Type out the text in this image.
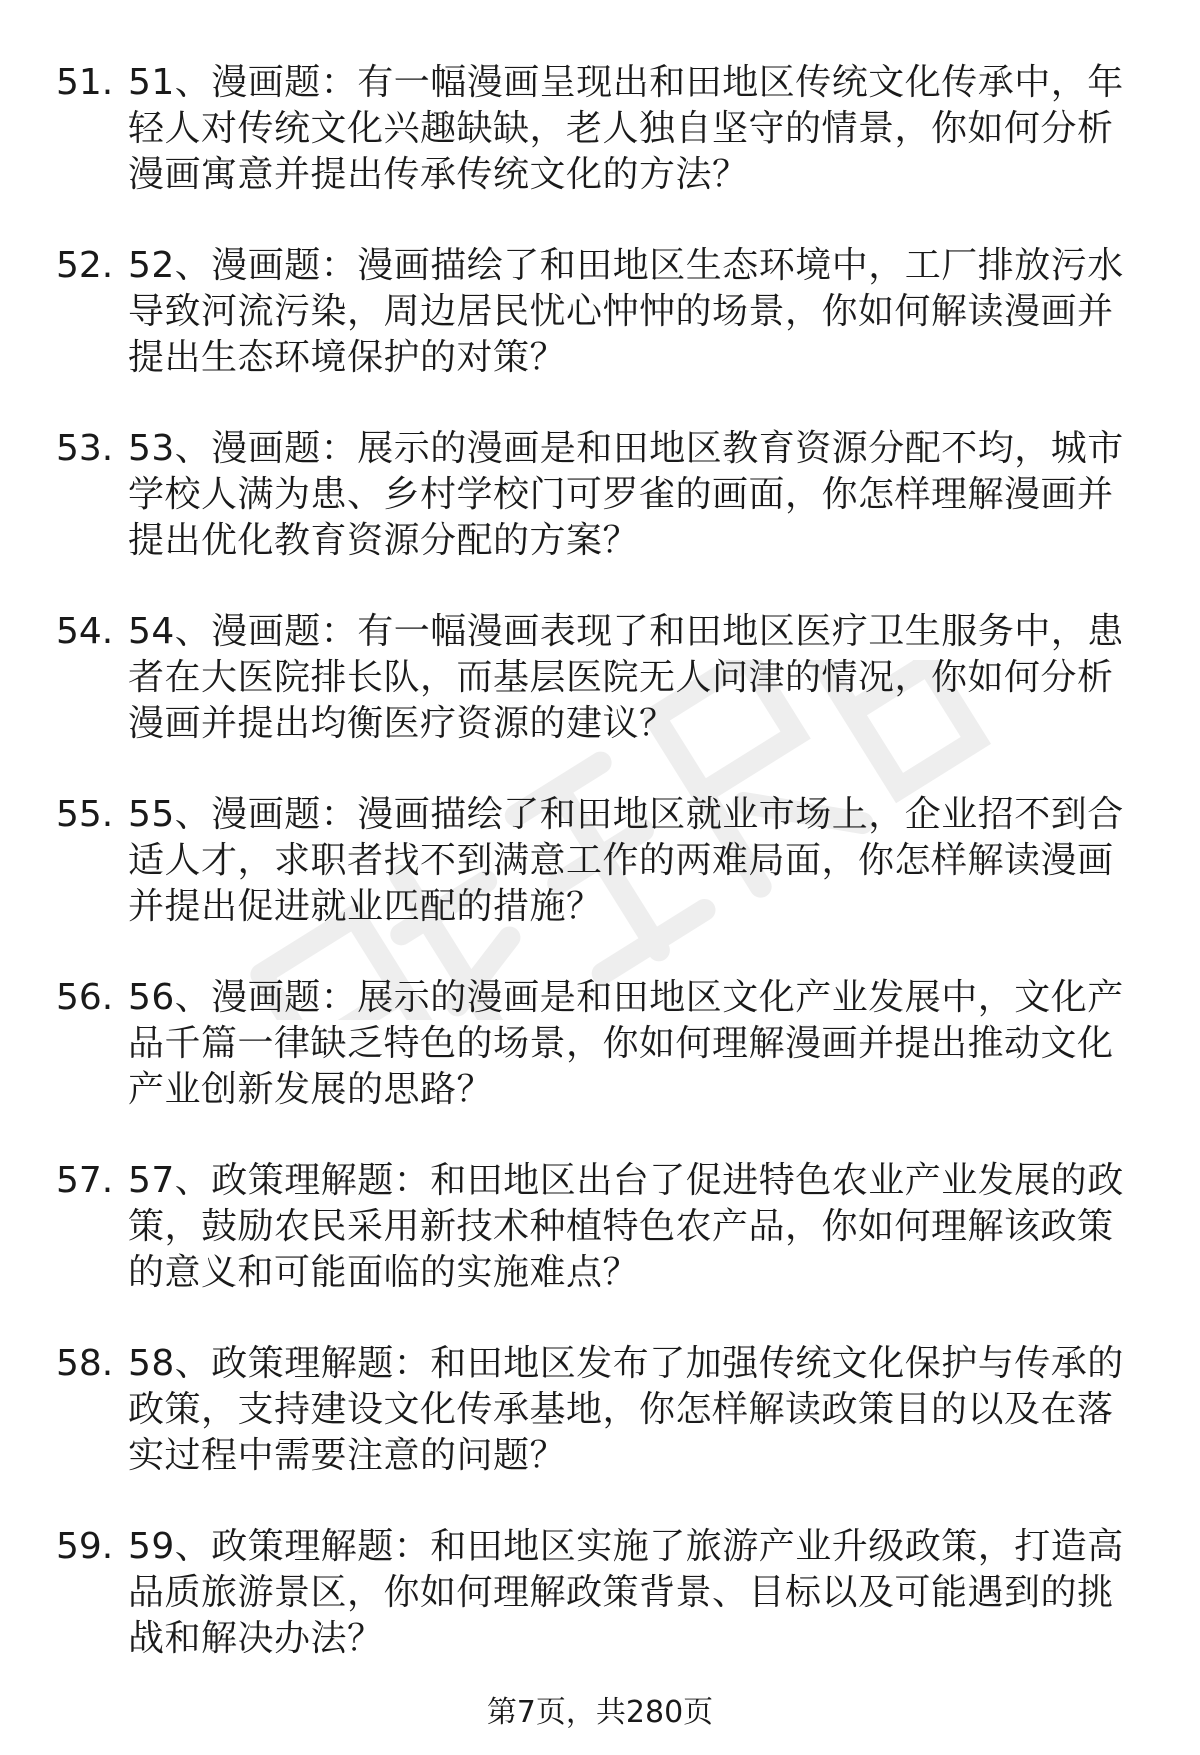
51. 51、漫画题：有一幅漫画呈现出和田地区传统文化传承中，年轻人对传统文化兴趣缺缺，老人独自坚守的情景，你如何分析漫画寓意并提出传承传统文化的方法？
52. 52、漫画题：漫画描绘了和田地区生态环境中，工厂排放污水导致河流污染，周边居民忧心忡忡的场景，你如何解读漫画并提出生态环境保护的对策？
53. 53、漫画题：展示的漫画是和田地区教育资源分配不均，城市学校人满为患、乡村学校门可罗雀的画面，你怎样理解漫画并提出优化教育资源分配的方案？
54. 54、漫画题：有一幅漫画表现了和田地区医疗卫生服务中，患者在大医院排长队，而基层医院无人问津的情况，你如何分析漫画并提出均衡医疗资源的建议？
55. 55、漫画题：漫画描绘了和田地区就业市场上，企业招不到合适人才，求职者找不到满意工作的两难局面，你怎样解读漫画并提出促进就业匹配的措施？
56. 56、漫画题：展示的漫画是和田地区文化产业发展中，文化产品千篇一律缺乏特色的场景，你如何理解漫画并提出推动文化产业创新发展的思路？
57. 57、政策理解题：和田地区出台了促进特色农业产业发展的政策，鼓励农民采用新技术种植特色农产品，你如何理解该政策的意义和可能面临的实施难点？
58. 58、政策理解题：和田地区发布了加强传统文化保护与传承的政策，支持建设文化传承基地，你怎样解读政策目的以及在落实过程中需要注意的问题？
59. 59、政策理解题：和田地区实施了旅游产业升级政策，打造高品质旅游景区，你如何理解政策背景、目标以及可能遇到的挑战和解决办法？
第7页，共280页
